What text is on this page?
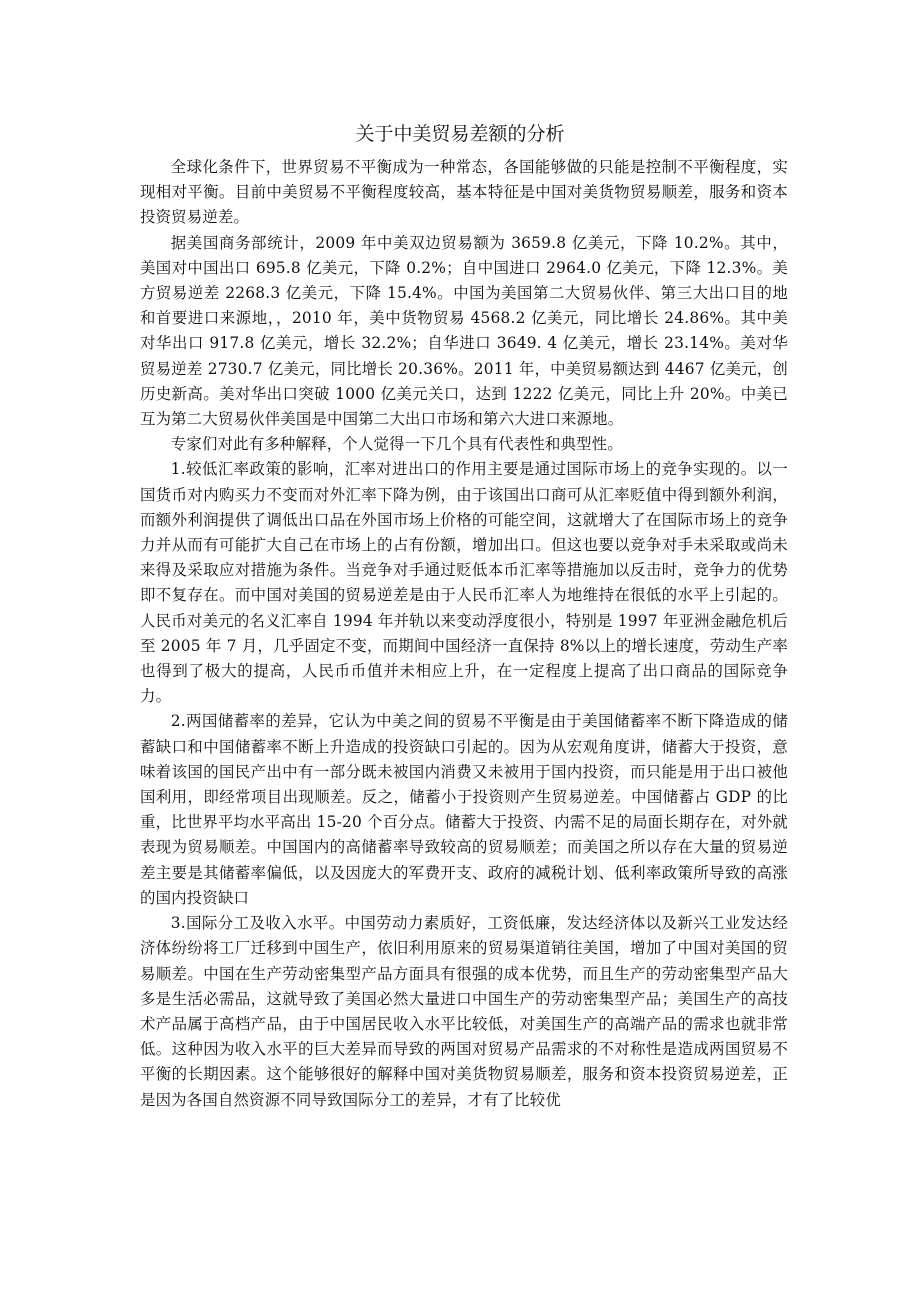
关于中美贸易差额的分析

全球化条件下，世界贸易不平衡成为一种常态，各国能够做的只能是控制不平衡程度，实现相对平衡。目前中美贸易不平衡程度较高，基本特征是中国对美货物贸易顺差，服务和资本投资贸易逆差。

据美国商务部统计，2009 年中美双边贸易额为 3659.8 亿美元，下降 10.2%。其中，美国对中国出口 695.8 亿美元，下降 0.2%；自中国进口 2964.0 亿美元，下降 12.3%。美方贸易逆差 2268.3 亿美元，下降 15.4%。中国为美国第二大贸易伙伴、第三大出口目的地和首要进口来源地，，2010 年，美中货物贸易 4568.2 亿美元，同比增长 24.86%。其中美对华出口 917.8 亿美元，增长 32.2%；自华进口 3649. 4 亿美元，增长 23.14%。美对华贸易逆差 2730.7 亿美元，同比增长 20.36%。2011 年，中美贸易额达到 4467 亿美元，创历史新高。美对华出口突破 1000 亿美元关口，达到 1222 亿美元，同比上升 20%。中美已互为第二大贸易伙伴美国是中国第二大出口市场和第六大进口来源地。

专家们对此有多种解释，个人觉得一下几个具有代表性和典型性。

1.较低汇率政策的影响，汇率对进出口的作用主要是通过国际市场上的竞争实现的。以一国货币对内购买力不变而对外汇率下降为例，由于该国出口商可从汇率贬值中得到额外利润，而额外利润提供了调低出口品在外国市场上价格的可能空间，这就增大了在国际市场上的竞争力并从而有可能扩大自己在市场上的占有份额，增加出口。但这也要以竞争对手未采取或尚未来得及采取应对措施为条件。当竞争对手通过贬低本币汇率等措施加以反击时，竞争力的优势即不复存在。而中国对美国的贸易逆差是由于人民币汇率人为地维持在很低的水平上引起的。人民币对美元的名义汇率自 1994 年并轨以来变动浮度很小，特别是 1997 年亚洲金融危机后至 2005 年 7 月，几乎固定不变，而期间中国经济一直保持 8%以上的增长速度，劳动生产率也得到了极大的提高，人民币币值并未相应上升，在一定程度上提高了出口商品的国际竞争力。

2.两国储蓄率的差异，它认为中美之间的贸易不平衡是由于美国储蓄率不断下降造成的储蓄缺口和中国储蓄率不断上升造成的投资缺口引起的。因为从宏观角度讲，储蓄大于投资，意味着该国的国民产出中有一部分既未被国内消费又未被用于国内投资，而只能是用于出口被他国利用，即经常项目出现顺差。反之，储蓄小于投资则产生贸易逆差。中国储蓄占 GDP 的比重，比世界平均水平高出 15-20 个百分点。储蓄大于投资、内需不足的局面长期存在，对外就表现为贸易顺差。中国国内的高储蓄率导致较高的贸易顺差；而美国之所以存在大量的贸易逆差主要是其储蓄率偏低，以及因庞大的军费开支、政府的减税计划、低利率政策所导致的高涨的国内投资缺口

3.国际分工及收入水平。中国劳动力素质好，工资低廉，发达经济体以及新兴工业发达经济体纷纷将工厂迁移到中国生产，依旧利用原来的贸易渠道销往美国，增加了中国对美国的贸易顺差。中国在生产劳动密集型产品方面具有很强的成本优势，而且生产的劳动密集型产品大多是生活必需品，这就导致了美国必然大量进口中国生产的劳动密集型产品；美国生产的高技术产品属于高档产品，由于中国居民收入水平比较低，对美国生产的高端产品的需求也就非常低。这种因为收入水平的巨大差异而导致的两国对贸易产品需求的不对称性是造成两国贸易不平衡的长期因素。这个能够很好的解释中国对美货物贸易顺差，服务和资本投资贸易逆差，正是因为各国自然资源不同导致国际分工的差异，才有了比较优
